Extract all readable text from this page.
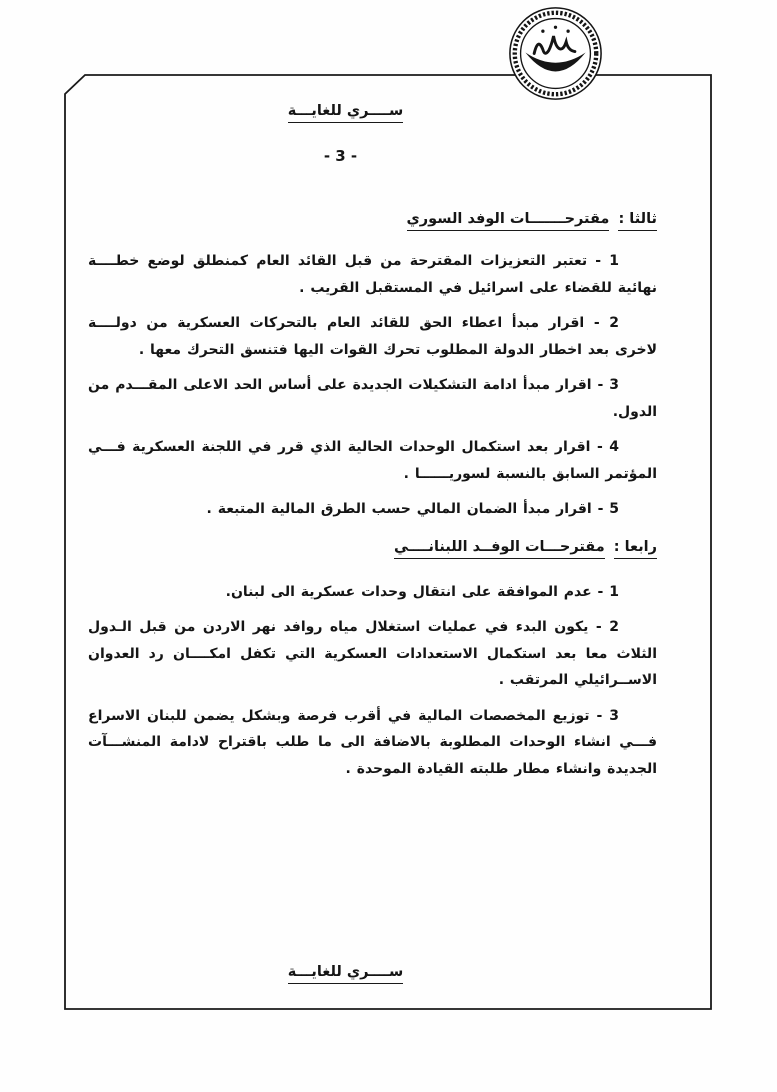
ســــري للغايـــة
- 3 -
ثالثا : مقترحـــــــات الوفد السوري

1 - تعتبر التعزيزات المقترحة من قبل القائد العام كمنطلق لوضع خطــــة نهائية للقضاء على اسرائيل في المستقبل القريب .

2 - اقرار مبدأ اعطاء الحق للقائد العام بالتحركات العسكرية من دولــــة لاخرى بعد اخطار الدولة المطلوب تحرك القوات اليها فتنسق التحرك معها .

3 - اقرار مبدأ ادامة التشكيلات الجديدة على أساس الحد الاعلى المقـــدم من الدول.

4 - اقرار بعد استكمال الوحدات الحالية الذي قرر في اللجنة العسكرية فـــي المؤتمر السابق بالنسبة لسوريــــــا .

5 - اقرار مبدأ الضمان المالي حسب الطرق المالية المتبعة .

رابعا : مقترحـــات الوفــد اللبنانــــي

1 - عدم الموافقة على انتقال وحدات عسكرية الى لبنان.

2 - يكون البدء في عمليات استغلال مياه روافد نهر الاردن من قبل الـدول الثلاث معا بعد استكمال الاستعدادات العسكرية التي تكفل امكــــان رد العدوان الاســرائيلي المرتقب .

3 - توزيع المخصصات المالية في أقرب فرصة وبشكل يضمن للبنان الاسراع فـــي انشاء الوحدات المطلوبة بالاضافة الى ما طلب باقتراح لادامة المنشـــآت الجديدة وانشاء مطار طلبته القيادة الموحدة .

ســــري للغايـــة
